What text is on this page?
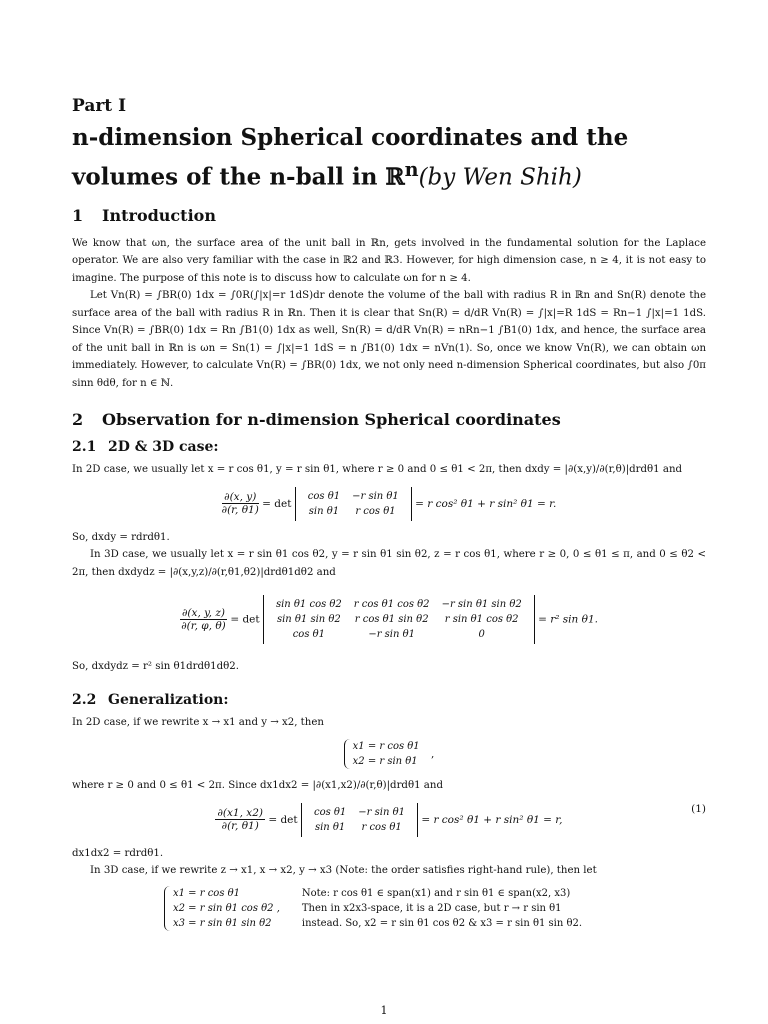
Part I
n-dimension Spherical coordinates and the
volumes of the n-ball in ℝ$^n$(by Wen Shih)
1 Introduction

We know that ωn, the surface area of the unit ball in ℝn, gets involved in the fundamental solution for the Laplace operator. We are also very familiar with the case in ℝ2 and ℝ3. However, for high dimension case, n ≥ 4, it is not easy to imagine. The purpose of this note is to discuss how to calculate ωn for n ≥ 4.

Let Vn(R) = ∫BR(0) 1dx = ∫0R(∫|x|=r 1dS)dr denote the volume of the ball with radius R in ℝn and Sn(R) denote the surface area of the ball with radius R in ℝn. Then it is clear that Sn(R) = d/dR Vn(R) = ∫|x|=R 1dS = Rn−1 ∫|x|=1 1dS. Since Vn(R) = ∫BR(0) 1dx = Rn ∫B1(0) 1dx as well, Sn(R) = d/dR Vn(R) = nRn−1 ∫B1(0) 1dx, and hence, the surface area of the unit ball in ℝn is ωn = Sn(1) = ∫|x|=1 1dS = n ∫B1(0) 1dx = nVn(1). So, once we know Vn(R), we can obtain ωn immediately. However, to calculate Vn(R) = ∫BR(0) 1dx, we not only need n-dimension Spherical coordinates, but also ∫0π sinn θdθ, for n ∈ ℕ.

2 Observation for n-dimension Spherical coordinates
2.1 2D & 3D case:

In 2D case, we usually let x = r cos θ1, y = r sin θ1, where r ≥ 0 and 0 ≤ θ1 < 2π, then dxdy = |∂(x,y)/∂(r,θ)|drdθ1 and

$\frac{\partial(x, y)}{\partial(r, \theta 1)} = \det$
cos θ1	−r sin θ1
sin θ1	r cos θ1
= r cos² θ1 + r sin² θ1 = r.

So, dxdy = rdrdθ1.

In 3D case, we usually let x = r sin θ1 cos θ2, y = r sin θ1 sin θ2, z = r cos θ1, where r ≥ 0, 0 ≤ θ1 ≤ π, and 0 ≤ θ2 < 2π, then dxdydz = |∂(x,y,z)/∂(r,θ1,θ2)|drdθ1dθ2 and

$\frac{\partial(x, y, z)}{\partial(r, \varphi, \theta)} = \det$
sin θ1 cos θ2	r cos θ1 cos θ2	−r sin θ1 sin θ2
sin θ1 sin θ2	r cos θ1 sin θ2	r sin θ1 cos θ2
cos θ1	−r sin θ1	0
= r² sin θ1.

So, dxdydz = r² sin θ1drdθ1dθ2.

2.2 Generalization:

In 2D case, if we rewrite x → x1 and y → x2, then

x1 = r cos θ1
x2 = r sin θ1 ,

where r ≥ 0 and 0 ≤ θ1 < 2π. Since dx1dx2 = |∂(x1,x2)/∂(r,θ)|drdθ1 and

$\frac{\partial(x1, x2)}{\partial(r, \theta 1)} = \det$
cos θ1	−r sin θ1
sin θ1	r cos θ1
= r cos² θ1 + r sin² θ1 = r,
(1)

dx1dx2 = rdrdθ1.

In 3D case, if we rewrite z → x1, x → x2, y → x3 (Note: the order satisfies right-hand rule), then let

x1 = r cos θ1
x2 = r sin θ1 cos θ2 ,
x3 = r sin θ1 sin θ2
Note: r cos θ1 ∈ span(x1) and r sin θ1 ∈ span(x2, x3)
Then in x2x3-space, it is a 2D case, but r → r sin θ1
instead. So, x2 = r sin θ1 cos θ2 & x3 = r sin θ1 sin θ2.
1
